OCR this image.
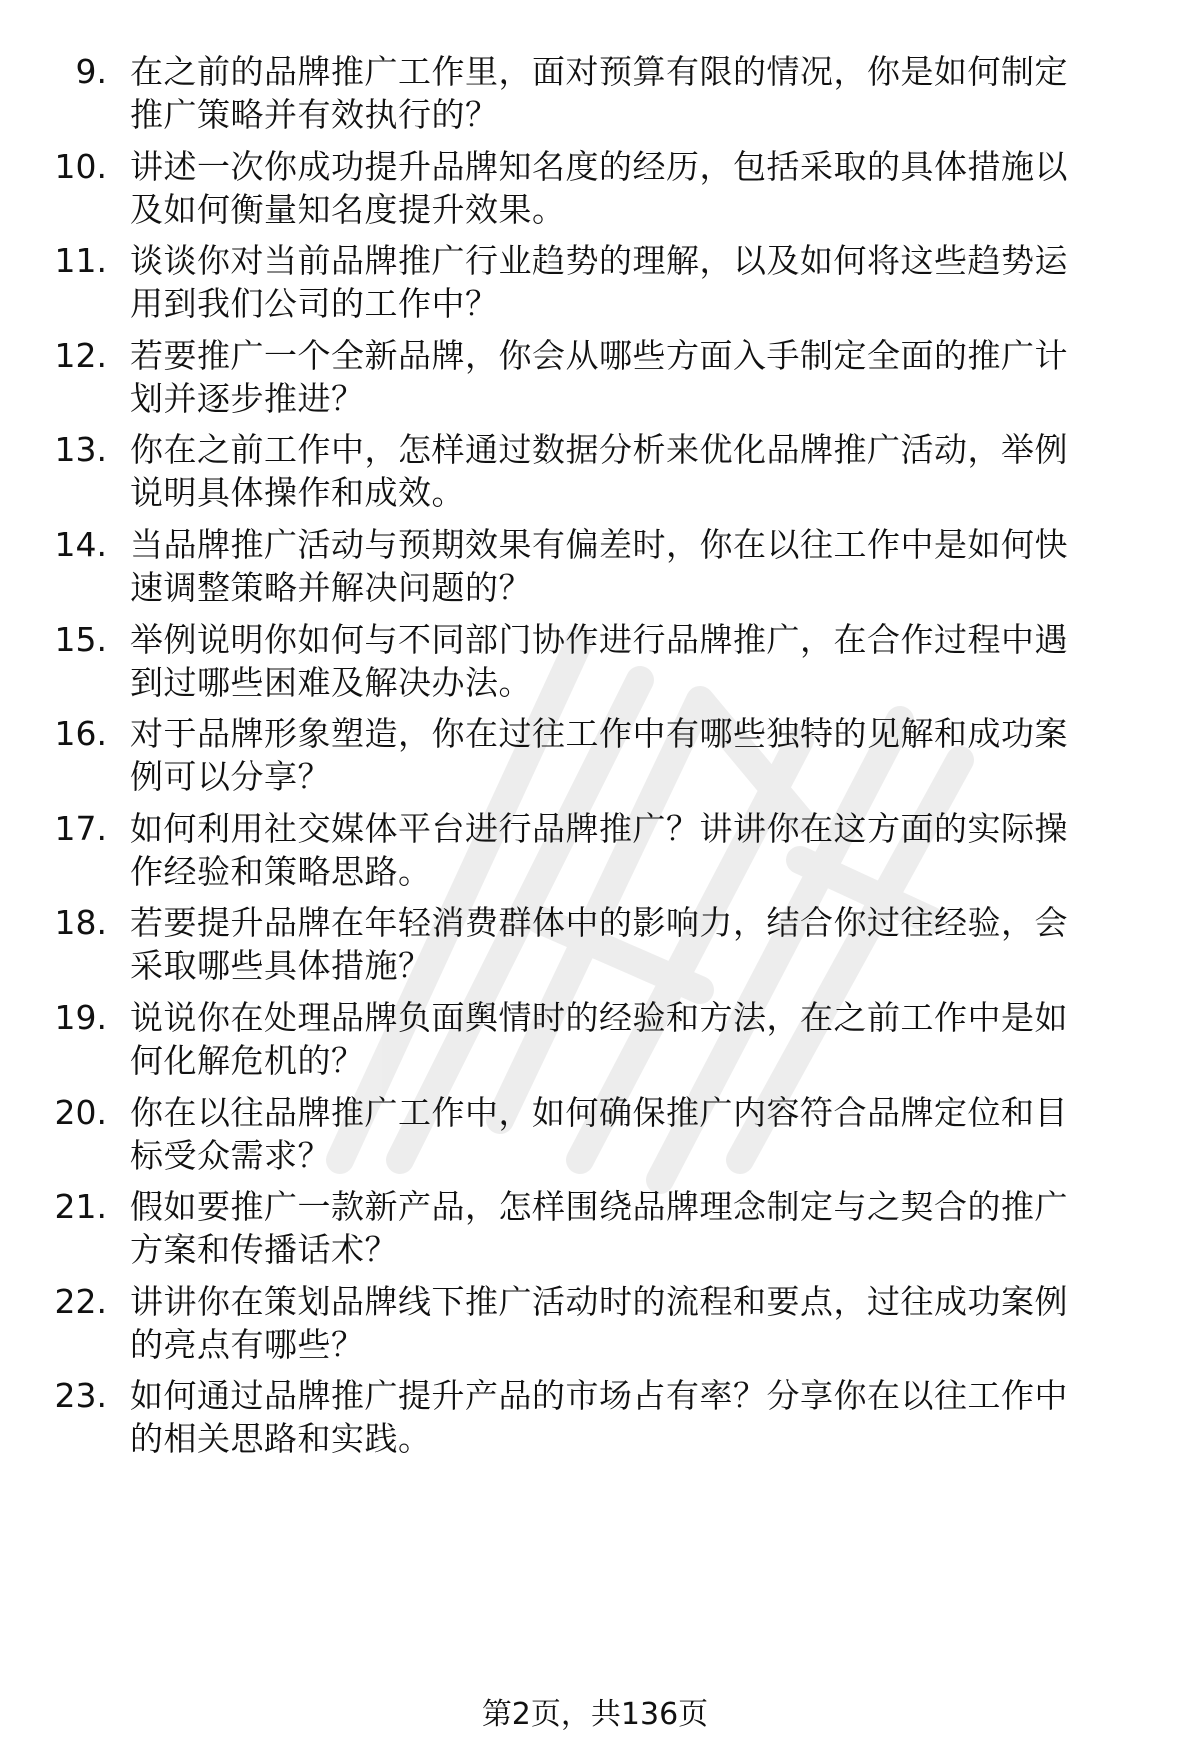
9. 在之前的品牌推广工作里，面对预算有限的情况，你是如何制定
推广策略并有效执行的？
10. 讲述一次你成功提升品牌知名度的经历，包括采取的具体措施以
及如何衡量知名度提升效果。
11. 谈谈你对当前品牌推广行业趋势的理解，以及如何将这些趋势运
用到我们公司的工作中？
12. 若要推广一个全新品牌，你会从哪些方面入手制定全面的推广计
划并逐步推进？
13. 你在之前工作中，怎样通过数据分析来优化品牌推广活动，举例
说明具体操作和成效。
14. 当品牌推广活动与预期效果有偏差时，你在以往工作中是如何快
速调整策略并解决问题的？
15. 举例说明你如何与不同部门协作进行品牌推广，在合作过程中遇
到过哪些困难及解决办法。
16. 对于品牌形象塑造，你在过往工作中有哪些独特的见解和成功案
例可以分享？
17. 如何利用社交媒体平台进行品牌推广？讲讲你在这方面的实际操
作经验和策略思路。
18. 若要提升品牌在年轻消费群体中的影响力，结合你过往经验，会
采取哪些具体措施？
19. 说说你在处理品牌负面舆情时的经验和方法，在之前工作中是如
何化解危机的？
20. 你在以往品牌推广工作中，如何确保推广内容符合品牌定位和目
标受众需求？
21. 假如要推广一款新产品，怎样围绕品牌理念制定与之契合的推广
方案和传播话术？
22. 讲讲你在策划品牌线下推广活动时的流程和要点，过往成功案例
的亮点有哪些？
23. 如何通过品牌推广提升产品的市场占有率？分享你在以往工作中
的相关思路和实践。
第2页，共136页
